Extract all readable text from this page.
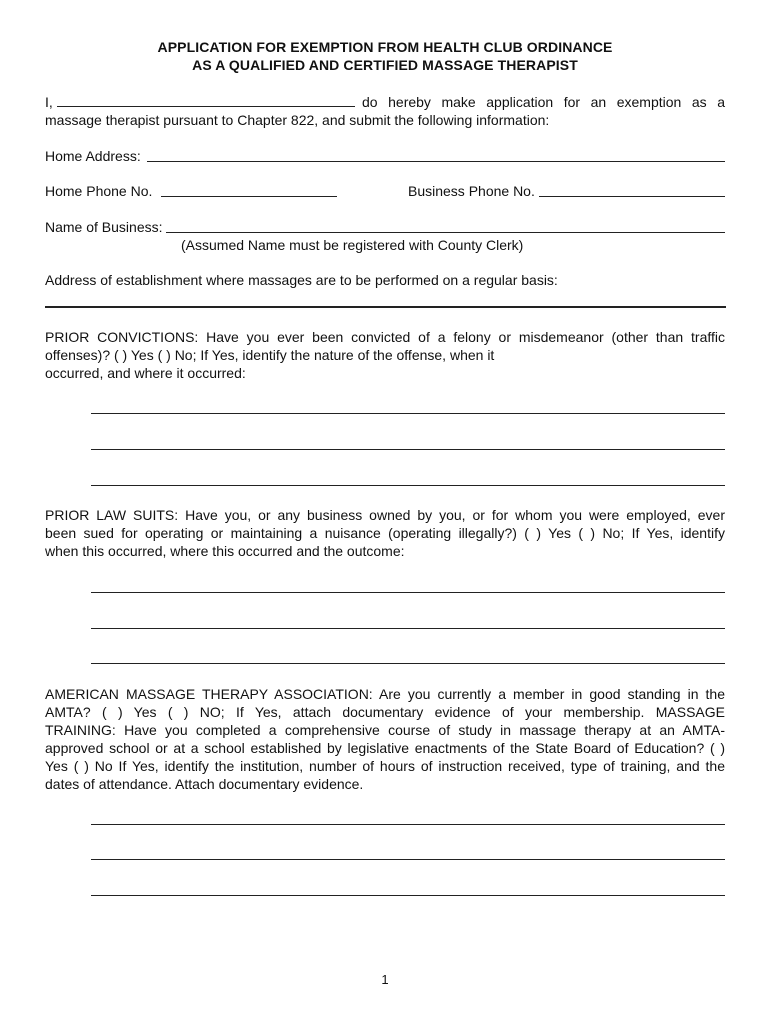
APPLICATION FOR EXEMPTION FROM HEALTH CLUB ORDINANCE
AS A QUALIFIED AND CERTIFIED MASSAGE THERAPIST
I,	do hereby make application for an exemption as a
massage therapist pursuant to Chapter 822, and submit the following information:
Home Address:
Home Phone No.	Business Phone No.
Name of Business:
(Assumed Name must be registered with County Clerk)
Address of establishment where massages are to be performed on a regular basis:
PRIOR CONVICTIONS: Have you ever been convicted of a felony or misdemeanor (other than traffic
offenses)? ( ) Yes ( ) No; If Yes, identify the nature of the offense, when it
occurred, and where it occurred:
PRIOR LAW SUITS: Have you, or any business owned by you, or for whom you were employed, ever
been sued for operating or maintaining a nuisance (operating illegally?) ( ) Yes ( ) No; If Yes, identify
when this occurred, where this occurred and the outcome:
AMERICAN MASSAGE THERAPY ASSOCIATION: Are you currently a member in good standing in the
AMTA? ( ) Yes ( ) NO; If Yes, attach documentary evidence of your membership. MASSAGE
TRAINING: Have you completed a comprehensive course of study in massage therapy at an AMTA-
approved school or at a school established by legislative enactments of the State Board of Education? ( )
Yes ( ) No If Yes, identify the institution, number of hours of instruction received, type of training, and the
dates of attendance. Attach documentary evidence.
1
